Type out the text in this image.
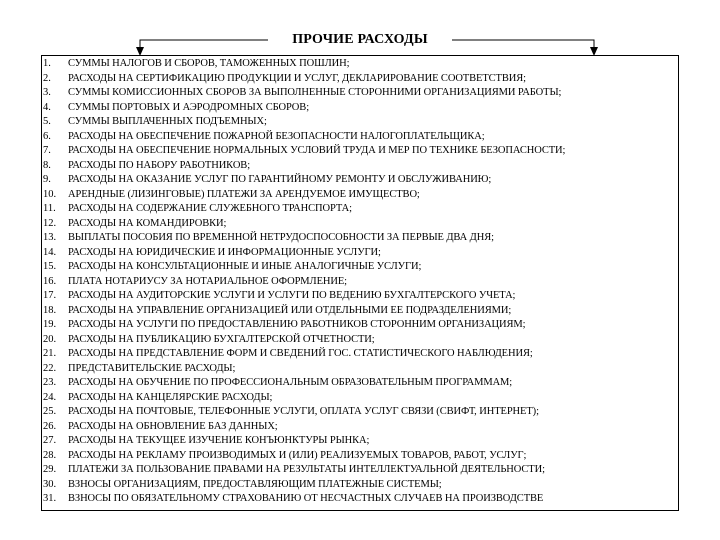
ПРОЧИЕ РАСХОДЫ
1.	СУММЫ НАЛОГОВ И СБОРОВ, ТАМОЖЕННЫХ ПОШЛИН;
2.	РАСХОДЫ НА СЕРТИФИКАЦИЮ ПРОДУКЦИИ И УСЛУГ, ДЕКЛАРИРОВАНИЕ СООТВЕТСТВИЯ;
3.	СУММЫ КОМИССИОННЫХ СБОРОВ ЗА ВЫПОЛНЕННЫЕ СТОРОННИМИ ОРГАНИЗАЦИЯМИ РАБОТЫ;
4.	СУММЫ ПОРТОВЫХ И АЭРОДРОМНЫХ СБОРОВ;
5.	СУММЫ ВЫПЛАЧЕННЫХ ПОДЪЕМНЫХ;
6.	РАСХОДЫ НА ОБЕСПЕЧЕНИЕ ПОЖАРНОЙ БЕЗОПАСНОСТИ НАЛОГОПЛАТЕЛЬЩИКА;
7.	РАСХОДЫ НА ОБЕСПЕЧЕНИЕ НОРМАЛЬНЫХ УСЛОВИЙ ТРУДА И МЕР ПО ТЕХНИКЕ БЕЗОПАСНОСТИ;
8.	РАСХОДЫ ПО НАБОРУ РАБОТНИКОВ;
9.	РАСХОДЫ НА ОКАЗАНИЕ УСЛУГ ПО ГАРАНТИЙНОМУ РЕМОНТУ И ОБСЛУЖИВАНИЮ;
10.	АРЕНДНЫЕ (ЛИЗИНГОВЫЕ) ПЛАТЕЖИ ЗА АРЕНДУЕМОЕ ИМУЩЕСТВО;
11.	РАСХОДЫ НА СОДЕРЖАНИЕ СЛУЖЕБНОГО ТРАНСПОРТА;
12.	РАСХОДЫ НА КОМАНДИРОВКИ;
13.	ВЫПЛАТЫ ПОСОБИЯ ПО ВРЕМЕННОЙ НЕТРУДОСПОСОБНОСТИ ЗА ПЕРВЫЕ ДВА ДНЯ;
14.	РАСХОДЫ НА ЮРИДИЧЕСКИЕ И ИНФОРМАЦИОННЫЕ УСЛУГИ;
15.	РАСХОДЫ НА КОНСУЛЬТАЦИОННЫЕ И ИНЫЕ АНАЛОГИЧНЫЕ УСЛУГИ;
16.	ПЛАТА НОТАРИУСУ ЗА НОТАРИАЛЬНОЕ ОФОРМЛЕНИЕ;
17.	РАСХОДЫ НА АУДИТОРСКИЕ УСЛУГИ И УСЛУГИ ПО ВЕДЕНИЮ БУХГАЛТЕРСКОГО УЧЕТА;
18.	РАСХОДЫ НА УПРАВЛЕНИЕ ОРГАНИЗАЦИЕЙ ИЛИ ОТДЕЛЬНЫМИ ЕЕ ПОДРАЗДЕЛЕНИЯМИ;
19.	РАСХОДЫ НА УСЛУГИ ПО ПРЕДОСТАВЛЕНИЮ РАБОТНИКОВ СТОРОННИМ ОРГАНИЗАЦИЯМ;
20.	РАСХОДЫ НА ПУБЛИКАЦИЮ БУХГАЛТЕРСКОЙ ОТЧЕТНОСТИ;
21.	РАСХОДЫ НА ПРЕДСТАВЛЕНИЕ ФОРМ И СВЕДЕНИЙ ГОС. СТАТИСТИЧЕСКОГО НАБЛЮДЕНИЯ;
22.	ПРЕДСТАВИТЕЛЬСКИЕ РАСХОДЫ;
23.	РАСХОДЫ НА ОБУЧЕНИЕ ПО ПРОФЕССИОНАЛЬНЫМ ОБРАЗОВАТЕЛЬНЫМ ПРОГРАММАМ;
24.	РАСХОДЫ НА КАНЦЕЛЯРСКИЕ РАСХОДЫ;
25.	РАСХОДЫ НА ПОЧТОВЫЕ, ТЕЛЕФОННЫЕ УСЛУГИ, ОПЛАТА УСЛУГ СВЯЗИ (СВИФТ, ИНТЕРНЕТ);
26.	РАСХОДЫ НА ОБНОВЛЕНИЕ БАЗ ДАННЫХ;
27.	РАСХОДЫ НА ТЕКУЩЕЕ ИЗУЧЕНИЕ КОНЪЮНКТУРЫ РЫНКА;
28.	РАСХОДЫ НА РЕКЛАМУ ПРОИЗВОДИМЫХ И (ИЛИ) РЕАЛИЗУЕМЫХ ТОВАРОВ, РАБОТ, УСЛУГ;
29.	ПЛАТЕЖИ ЗА ПОЛЬЗОВАНИЕ ПРАВАМИ НА РЕЗУЛЬТАТЫ ИНТЕЛЛЕКТУАЛЬНОЙ ДЕЯТЕЛЬНОСТИ;
30.	ВЗНОСЫ ОРГАНИЗАЦИЯМ, ПРЕДОСТАВЛЯЮЩИМ ПЛАТЕЖНЫЕ СИСТЕМЫ;
31.	ВЗНОСЫ ПО ОБЯЗАТЕЛЬНОМУ СТРАХОВАНИЮ ОТ НЕСЧАСТНЫХ СЛУЧАЕВ НА ПРОИЗВОДСТВЕ
